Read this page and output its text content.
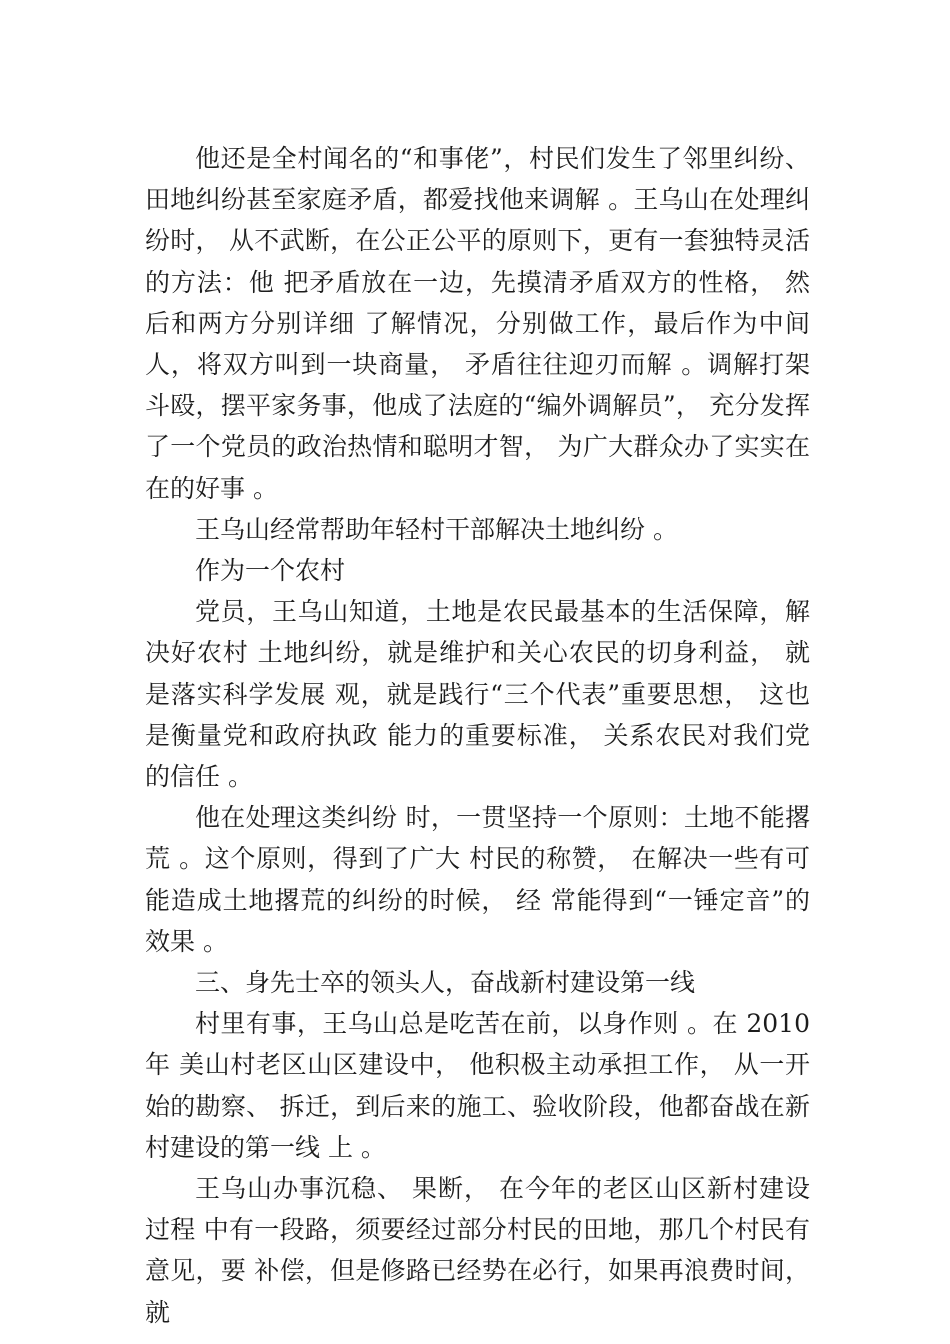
他还是全村闻名的“和事佬”，村民们发生了邻里纠纷、 田地纠纷甚至家庭矛盾，都爱找他来调解 。王乌山在处理纠纷时， 从不武断，在公正公平的原则下，更有一套独特灵活的方法：他 把矛盾放在一边，先摸清矛盾双方的性格， 然后和两方分别详细 了解情况，分别做工作，最后作为中间人，将双方叫到一块商量， 矛盾往往迎刃而解 。调解打架斗殴，摆平家务事，他成了法庭的“编外调解员”， 充分发挥了一个党员的政治热情和聪明才智， 为广大群众办了实实在在的好事 。

王乌山经常帮助年轻村干部解决土地纠纷 。

作为一个农村

党员，王乌山知道，土地是农民最基本的生活保障，解决好农村 土地纠纷，就是维护和关心农民的切身利益， 就是落实科学发展 观，就是践行“三个代表”重要思想， 这也是衡量党和政府执政 能力的重要标准， 关系农民对我们党的信任 。

他在处理这类纠纷 时，一贯坚持一个原则：土地不能撂荒 。这个原则，得到了广大 村民的称赞， 在解决一些有可能造成土地撂荒的纠纷的时候， 经 常能得到“一锤定音”的效果 。

三、身先士卒的领头人，奋战新村建设第一线

村里有事，王乌山总是吃苦在前，以身作则 。在 2010 年 美山村老区山区建设中， 他积极主动承担工作， 从一开始的勘察、 拆迁，到后来的施工、验收阶段，他都奋战在新村建设的第一线 上 。

王乌山办事沉稳、 果断， 在今年的老区山区新村建设过程 中有一段路，须要经过部分村民的田地，那几个村民有意见，要 补偿，但是修路已经势在必行，如果再浪费时间，就
